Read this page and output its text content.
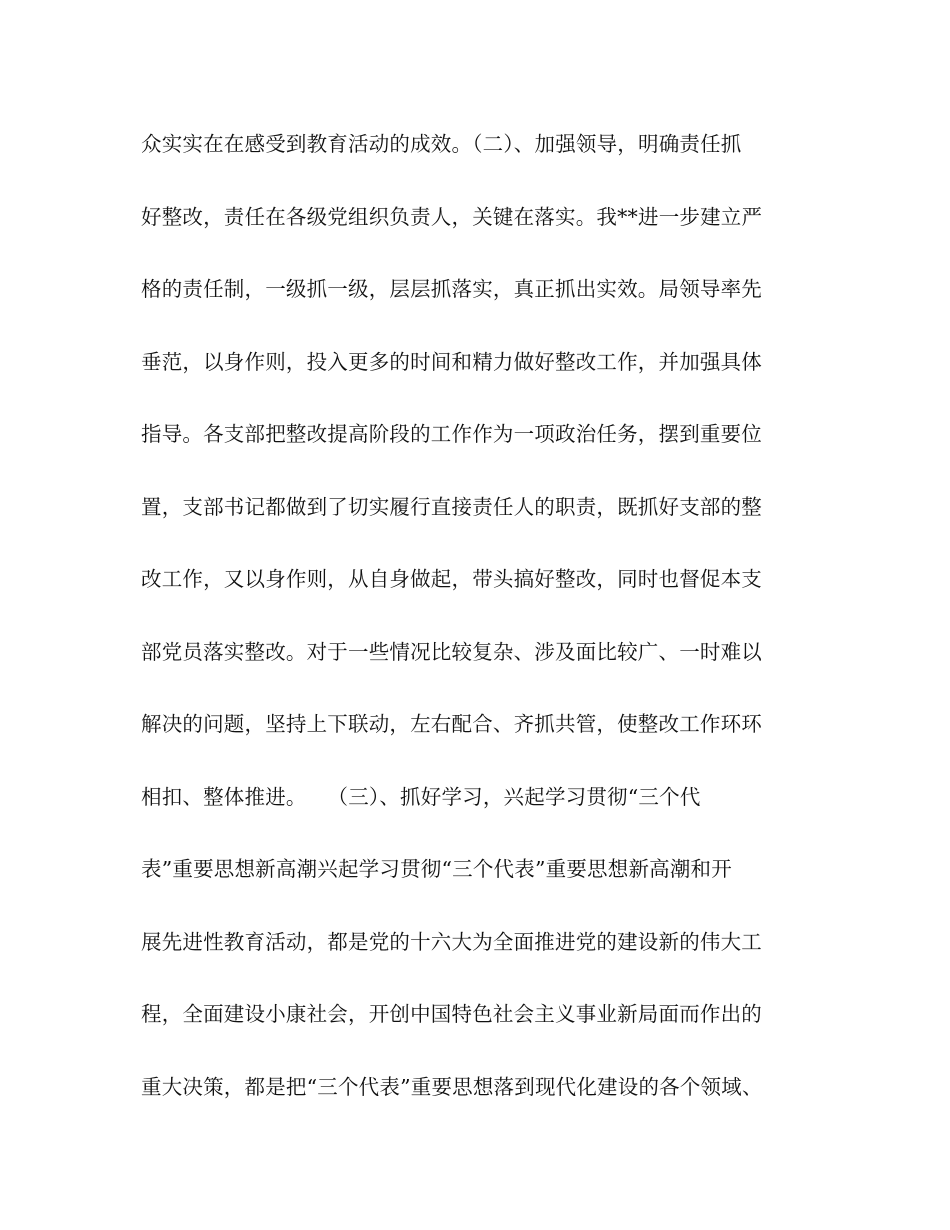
众实实在在感受到教育活动的成效。（二）、加强领导，明确责任抓
好整改，责任在各级党组织负责人，关键在落实。我**进一步建立严
格的责任制，一级抓一级，层层抓落实，真正抓出实效。局领导率先
垂范，以身作则，投入更多的时间和精力做好整改工作，并加强具体
指导。各支部把整改提高阶段的工作作为一项政治任务，摆到重要位
置，支部书记都做到了切实履行直接责任人的职责，既抓好支部的整
改工作，又以身作则，从自身做起，带头搞好整改，同时也督促本支
部党员落实整改。对于一些情况比较复杂、涉及面比较广、一时难以
解决的问题，坚持上下联动，左右配合、齐抓共管，使整改工作环环
相扣、整体推进。　　（三）、抓好学习，兴起学习贯彻“三个代
表”重要思想新高潮兴起学习贯彻“三个代表”重要思想新高潮和开
展先进性教育活动，都是党的十六大为全面推进党的建设新的伟大工
程，全面建设小康社会，开创中国特色社会主义事业新局面而作出的
重大决策，都是把“三个代表”重要思想落到现代化建设的各个领域、
